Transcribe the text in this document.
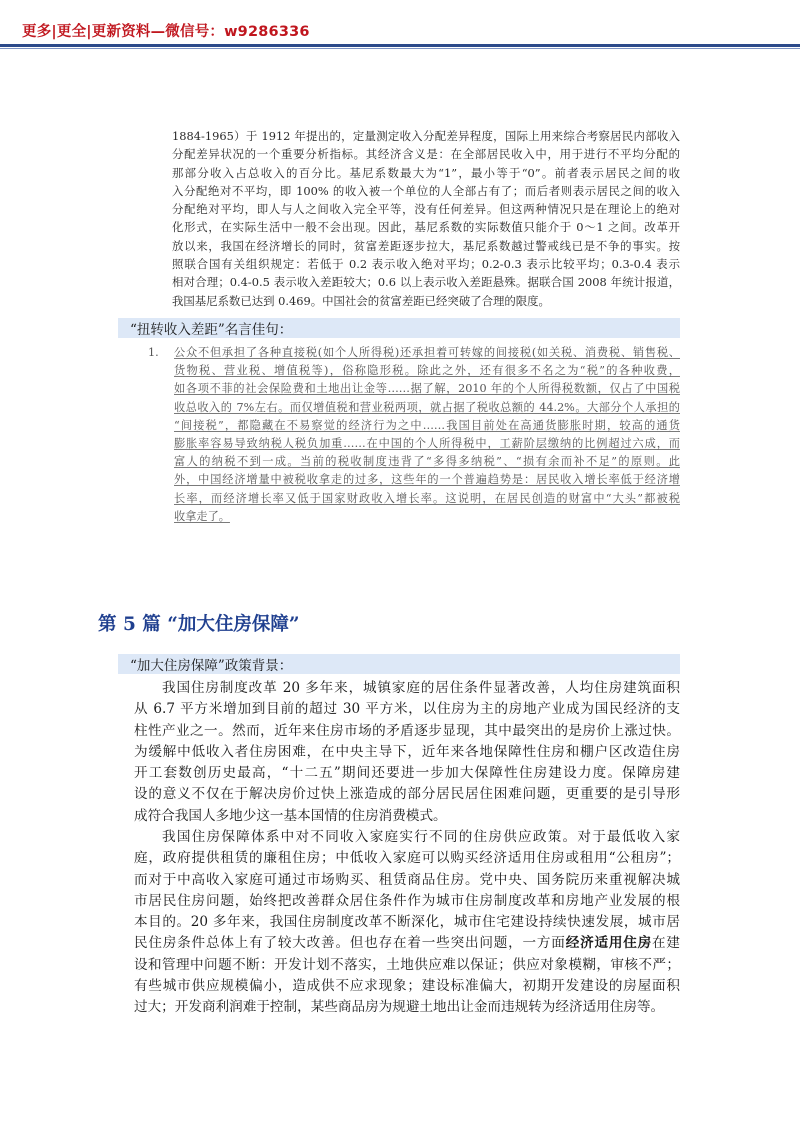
更多|更全|更新资料—微信号：w9286336
1884-1965）于 1912 年提出的，定量测定收入分配差异程度，国际上用来综合考察居民内部收入
分配差异状况的一个重要分析指标。其经济含义是：在全部居民收入中，用于进行不平均分配的
那部分收入占总收入的百分比。基尼系数最大为“1”，最小等于“0”。前者表示居民之间的收
入分配绝对不平均，即 100% 的收入被一个单位的人全部占有了；而后者则表示居民之间的收入
分配绝对平均，即人与人之间收入完全平等，没有任何差异。但这两种情况只是在理论上的绝对
化形式，在实际生活中一般不会出现。因此，基尼系数的实际数值只能介于 0～1 之间。改革开
放以来，我国在经济增长的同时，贫富差距逐步拉大，基尼系数越过警戒线已是不争的事实。按
照联合国有关组织规定：若低于 0.2 表示收入绝对平均；0.2-0.3 表示比较平均；0.3-0.4 表示
相对合理；0.4-0.5 表示收入差距较大；0.6 以上表示收入差距悬殊。据联合国 2008 年统计报道，
我国基尼系数已达到 0.469。中国社会的贫富差距已经突破了合理的限度。
“扭转收入差距”名言佳句：
1. 公众不但承担了各种直接税(如个人所得税)还承担着可转嫁的间接税(如关税、消费税、销售税、
货物税、营业税、增值税等)，俗称隐形税。除此之外，还有很多不名之为“税”的各种收费，
如各项不菲的社会保险费和土地出让金等……据了解，2010 年的个人所得税数额，仅占了中国税
收总收入的 7%左右。而仅增值税和营业税两项，就占据了税收总额的 44.2%。大部分个人承担的
“间接税”，都隐藏在不易察觉的经济行为之中……我国目前处在高通货膨胀时期，较高的通货
膨胀率容易导致纳税人税负加重……在中国的个人所得税中，工薪阶层缴纳的比例超过六成，而
富人的纳税不到一成。当前的税收制度违背了“多得多纳税”、“损有余而补不足”的原则。此
外，中国经济增量中被税收拿走的过多，这些年的一个普遍趋势是：居民收入增长率低于经济增
长率，而经济增长率又低于国家财政收入增长率。这说明，在居民创造的财富中“大头”都被税
收拿走了。
第 5 篇 “加大住房保障”
“加大住房保障”政策背景：
我国住房制度改革 20 多年来，城镇家庭的居住条件显著改善，人均住房建筑面积
从 6.7 平方米增加到目前的超过 30 平方米，以住房为主的房地产业成为国民经济的支
柱性产业之一。然而，近年来住房市场的矛盾逐步显现，其中最突出的是房价上涨过快。
为缓解中低收入者住房困难，在中央主导下，近年来各地保障性住房和棚户区改造住房
开工套数创历史最高，“十二五”期间还要进一步加大保障性住房建设力度。保障房建
设的意义不仅在于解决房价过快上涨造成的部分居民居住困难问题，更重要的是引导形
成符合我国人多地少这一基本国情的住房消费模式。
我国住房保障体系中对不同收入家庭实行不同的住房供应政策。对于最低收入家
庭，政府提供租赁的廉租住房；中低收入家庭可以购买经济适用住房或租用“公租房”；
而对于中高收入家庭可通过市场购买、租赁商品住房。党中央、国务院历来重视解决城
市居民住房问题，始终把改善群众居住条件作为城市住房制度改革和房地产业发展的根
本目的。20 多年来，我国住房制度改革不断深化，城市住宅建设持续快速发展，城市居
民住房条件总体上有了较大改善。但也存在着一些突出问题，一方面经济适用住房在建
设和管理中问题不断：开发计划不落实，土地供应难以保证；供应对象模糊，审核不严；
有些城市供应规模偏小，造成供不应求现象；建设标准偏大，初期开发建设的房屋面积
过大；开发商利润难于控制，某些商品房为规避土地出让金而违规转为经济适用住房等。
